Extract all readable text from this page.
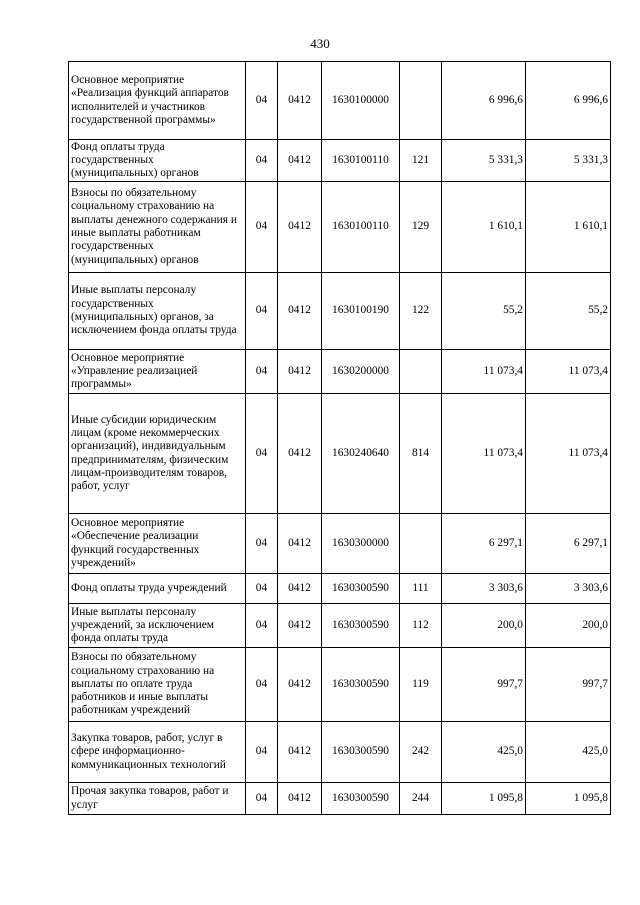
430
Основное мероприятие «Реализация функций аппаратов исполнителей и участников государственной программы»	04	0412	1630100000		6 996,6	6 996,6
Фонд оплаты труда государственных (муниципальных) органов	04	0412	1630100110	121	5 331,3	5 331,3
Взносы по обязательному социальному страхованию на выплаты денежного содержания и иные выплаты работникам государственных (муниципальных) органов	04	0412	1630100110	129	1 610,1	1 610,1
Иные выплаты персоналу государственных (муниципальных) органов, за исключением фонда оплаты труда	04	0412	1630100190	122	55,2	55,2
Основное мероприятие «Управление реализацией программы»	04	0412	1630200000		11 073,4	11 073,4
Иные субсидии юридическим лицам (кроме некоммерческих организаций), индивидуальным предпринимателям, физическим лицам-производителям товаров, работ, услуг	04	0412	1630240640	814	11 073,4	11 073,4
Основное мероприятие «Обеспечение реализации функций государственных учреждений»	04	0412	1630300000		6 297,1	6 297,1
Фонд оплаты труда учреждений	04	0412	1630300590	111	3 303,6	3 303,6
Иные выплаты персоналу учреждений, за исключением фонда оплаты труда	04	0412	1630300590	112	200,0	200,0
Взносы по обязательному социальному страхованию на выплаты по оплате труда работников и иные выплаты работникам учреждений	04	0412	1630300590	119	997,7	997,7
Закупка товаров, работ, услуг в сфере информационно-коммуникационных технологий	04	0412	1630300590	242	425,0	425,0
Прочая закупка товаров, работ и услуг	04	0412	1630300590	244	1 095,8	1 095,8
